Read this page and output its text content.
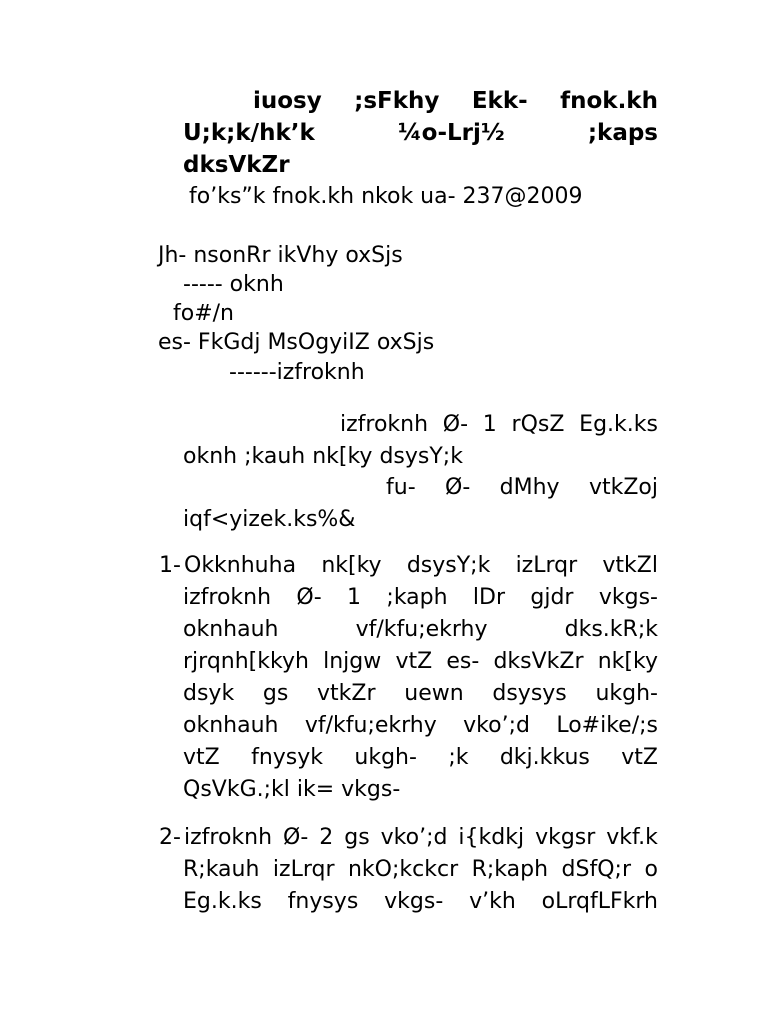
iuosy ;sFkhy Ekk- fnok.kh
U;k;k/hk’k	¼o-Lrj½	;kaps
dksVkZr
fo’ks”k fnok.kh nkok ua- 237@2009
Jh- nsonRr ikVhy oxSjs
----- oknh
fo#/n
es- FkGdj MsOgyiIZ oxSjs
------izfroknh
izfroknh Ø- 1 rQsZ Eg.k.ks
oknh ;kauh nk[ky dsysY;k
fu- Ø- dMhy vtkZoj
iqf<yizek.ks%&
1- Okknhuha nk[ky dsysY;k izLrqr vtkZl
izfroknh Ø- 1 ;kaph lDr gjdr vkgs-
oknhauh	vf/kfu;ekrhy	dks.kR;k
rjrqnh[kkyh lnjgw vtZ es- dksVkZr nk[ky
dsyk gs vtkZr uewn dsysys ukgh-
oknhauh vf/kfu;ekrhy vko’;d Lo#ike/;s
vtZ fnysyk ukgh- ;k dkj.kkus vtZ
QsVkG.;kl ik= vkgs-
2- izfroknh Ø- 2 gs vko’;d i{kdkj vkgsr vkf.k
R;kauh izLrqr nkO;kckcr R;kaph dSfQ;r o
Eg.k.ks fnysys vkgs- v’kh oLrqfLFkrh
